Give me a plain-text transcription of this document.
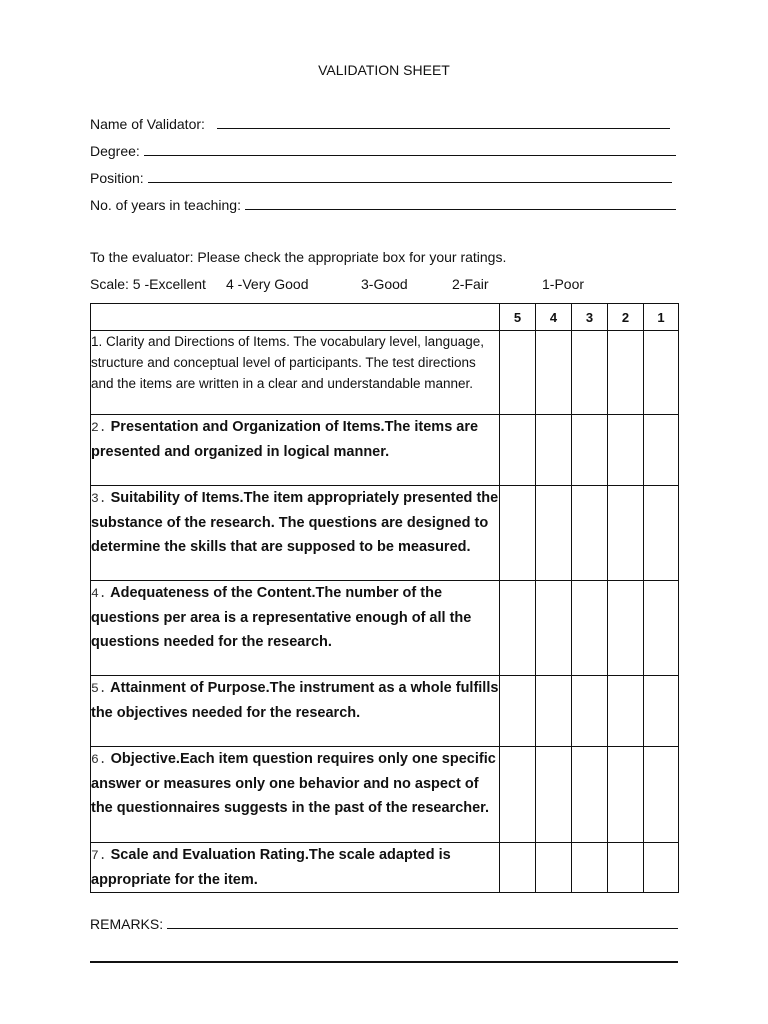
VALIDATION SHEET
Name of Validator:
Degree:
Position:
No. of years in teaching:
To the evaluator: Please check the appropriate box for your ratings.
Scale: 5 -Excellent 4 -Very Good	3-Good	2-Fair	1-Poor
	5	4	3	2	1
1. Clarity and Directions of Items. The vocabulary level, language, structure and conceptual level of participants. The test directions and the items are written in a clear and understandable manner.					
2. Presentation and Organization of Items.The items are presented and organized in logical manner.					
3. Suitability of Items.The item appropriately presented the substance of the research. The questions are designed to determine the skills that are supposed to be measured.					
4. Adequateness of the Content.The number of the questions per area is a representative enough of all the questions needed for the research.					
5. Attainment of Purpose.The instrument as a whole fulfills the objectives needed for the research.					
6. Objective.Each item question requires only one specific answer or measures only one behavior and no aspect of the questionnaires suggests in the past of the researcher.					
7. Scale and Evaluation Rating.The scale adapted is appropriate for the item.					
REMARKS:
